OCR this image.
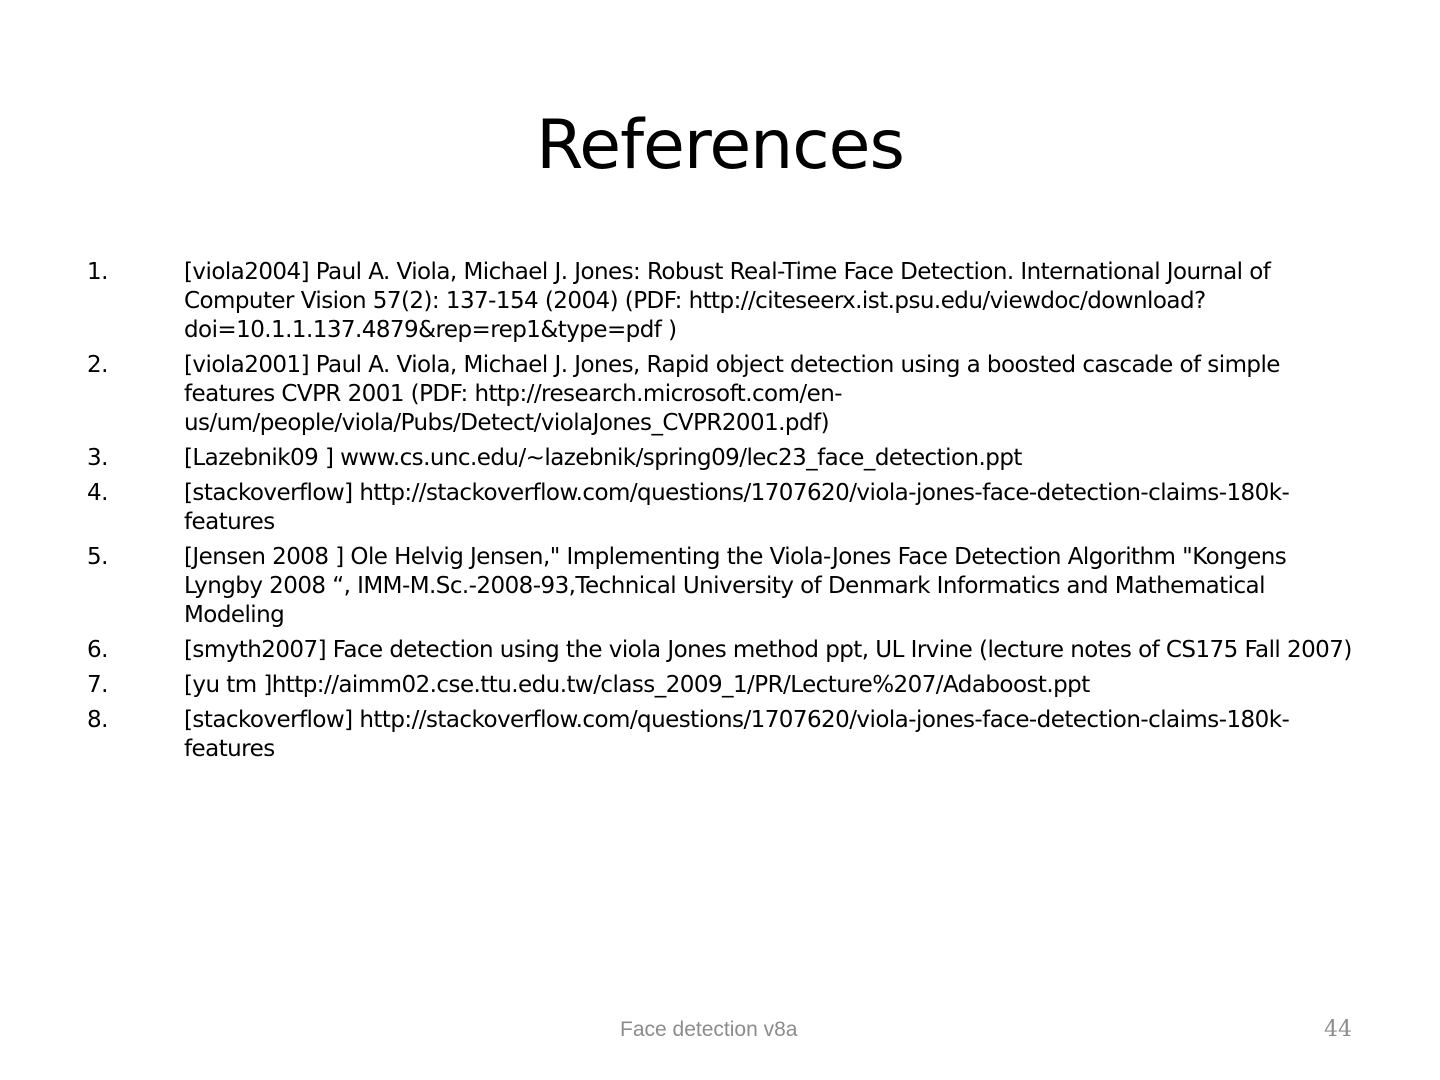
References
1.	[viola2004] Paul A. Viola, Michael J. Jones: Robust Real-Time Face Detection. International Journal of Computer Vision 57(2): 137-154 (2004) (PDF: http://citeseerx.ist.psu.edu/viewdoc/download?doi=10.1.1.137.4879&rep=rep1&type=pdf )
2.	[viola2001] Paul A. Viola, Michael J. Jones, Rapid object detection using a boosted cascade of simple features CVPR 2001 (PDF: http://research.microsoft.com/en-us/um/people/viola/Pubs/Detect/violaJones_CVPR2001.pdf)
3.	[Lazebnik09 ] www.cs.unc.edu/~lazebnik/spring09/lec23_face_detection.ppt
4.	[stackoverflow] http://stackoverflow.com/questions/1707620/viola-jones-face-detection-claims-180k-features
5.	[Jensen 2008 ] Ole Helvig Jensen," Implementing the Viola-Jones Face Detection Algorithm "Kongens Lyngby 2008 “, IMM-M.Sc.-2008-93,Technical University of Denmark Informatics and Mathematical Modeling
6.	[smyth2007] Face detection using the viola Jones method ppt, UL Irvine (lecture notes of CS175 Fall 2007)
7.	[yu tm ]http://aimm02.cse.ttu.edu.tw/class_2009_1/PR/Lecture%207/Adaboost.ppt
8.	[stackoverflow] http://stackoverflow.com/questions/1707620/viola-jones-face-detection-claims-180k-features
Face detection v8a	44
